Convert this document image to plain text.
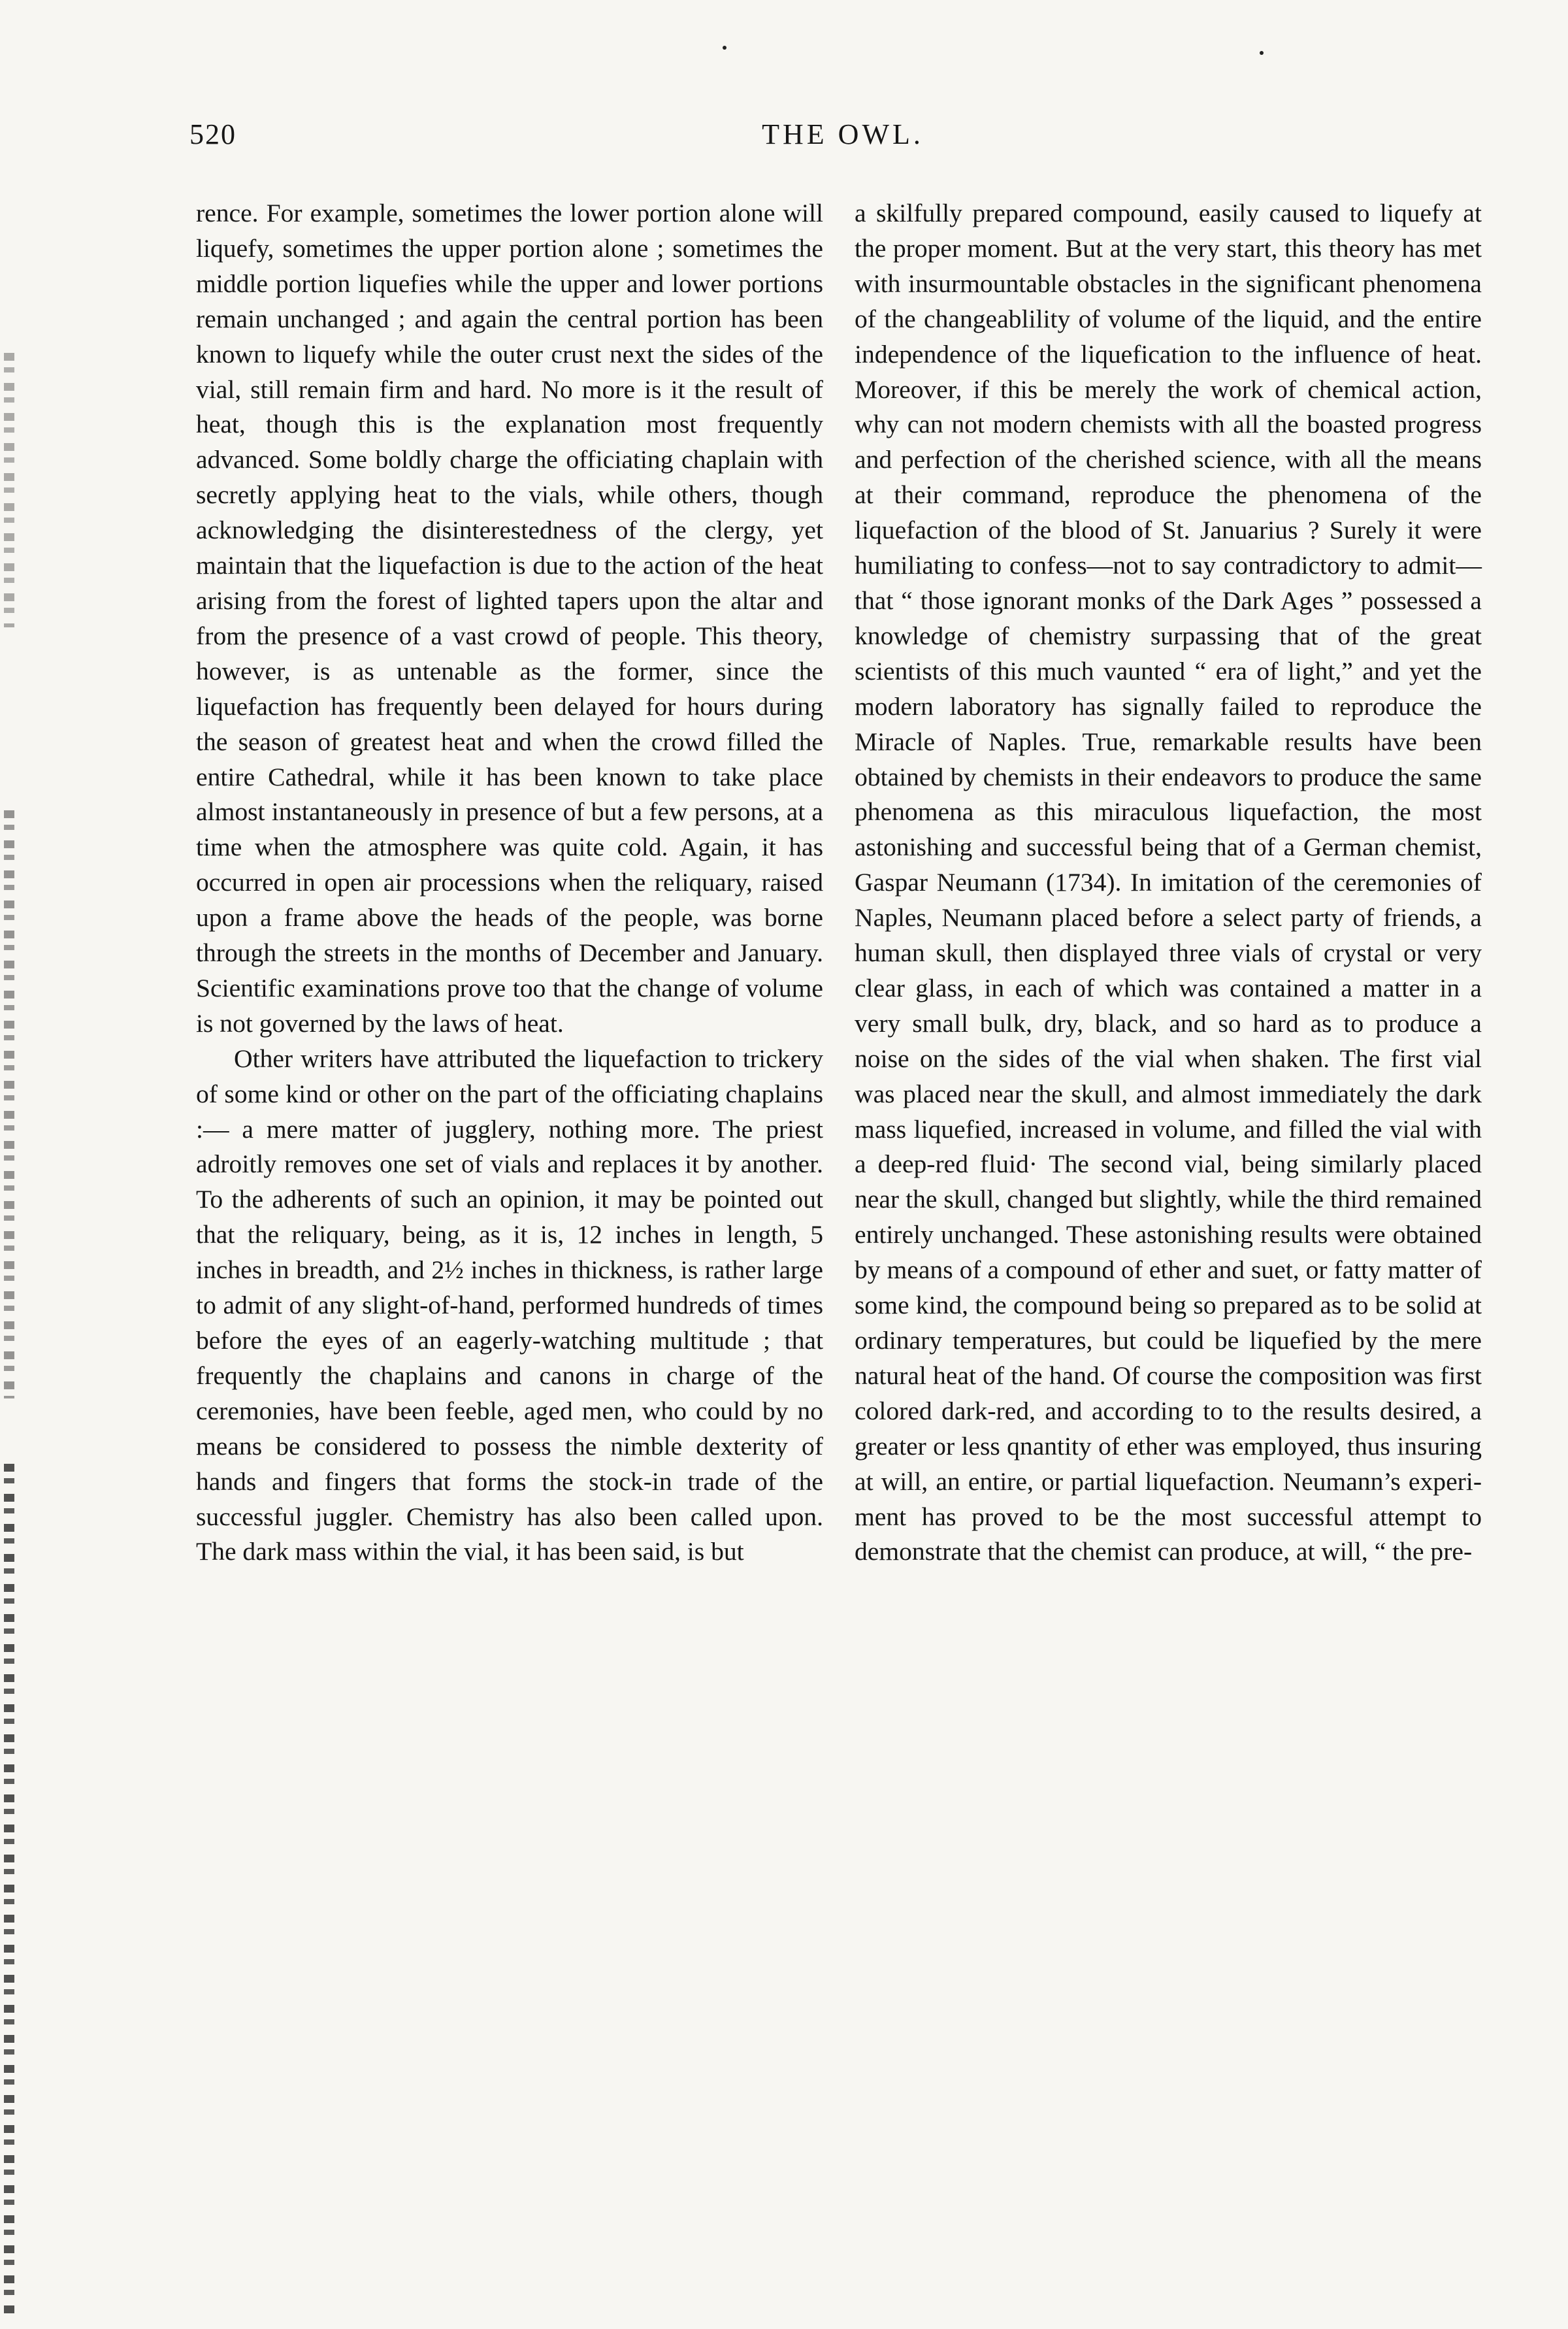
520	THE OWL.

rence. For example, sometimes the lower portion alone will liquefy, sometimes the upper portion alone ; sometimes the middle portion liquefies while the upper and lower portions remain unchanged ; and again the central portion has been known to liquefy while the outer crust next the sides of the vial, still remain firm and hard. No more is it the result of heat, though this is the explanation most frequently advanced. Some boldly charge the officiating chaplain with secretly applying heat to the vials, while others, though acknowledging the disinterestedness of the clergy, yet maintain that the liquefaction is due to the action of the heat arising from the forest of lighted tapers upon the altar and from the presence of a vast crowd of people. This theory, however, is as untenable as the former, since the liquefaction has frequently been delayed for hours during the season of greatest heat and when the crowd filled the entire Cathedral, while it has been known to take place almost instantaneously in presence of but a few persons, at a time when the atmosphere was quite cold. Again, it has occurred in open air processions when the reliquary, raised upon a frame above the heads of the people, was borne through the streets in the months of December and January. Scientific examinations prove too that the change of volume is not governed by the laws of heat.

Other writers have attributed the liquefaction to trickery of some kind or other on the part of the officiating chaplains :— a mere matter of jugglery, nothing more. The priest adroitly removes one set of vials and replaces it by another. To the adherents of such an opinion, it may be pointed out that the reliquary, being, as it is, 12 inches in length, 5 inches in breadth, and 2½ inches in thickness, is rather large to admit of any slight-of-hand, performed hundreds of times before the eyes of an eagerly-watching multitude ; that frequently the chaplains and canons in charge of the ceremonies, have been feeble, aged men, who could by no means be considered to possess the nimble dexterity of hands and fingers that forms the stock-in trade of the successful juggler. Chemistry has also been called upon. The dark mass within the vial, it has been said, is but

a skilfully prepared compound, easily caused to liquefy at the proper moment. But at the very start, this theory has met with insurmountable obstacles in the significant phenomena of the changeablility of volume of the liquid, and the entire independence of the liquefication to the influence of heat. Moreover, if this be merely the work of chemical action, why can not modern chemists with all the boasted progress and perfection of the cherished science, with all the means at their command, reproduce the phenomena of the liquefaction of the blood of St. Januarius ? Surely it were humiliating to confess—not to say contradictory to admit—that “ those ignorant monks of the Dark Ages ” possessed a knowledge of chemistry surpassing that of the great scientists of this much vaunted “ era of light,” and yet the modern laboratory has signally failed to reproduce the Miracle of Naples. True, remarkable results have been obtained by chemists in their endeavors to produce the same phenomena as this miraculous liquefaction, the most astonishing and successful being that of a German chemist, Gaspar Neumann (1734). In imitation of the ceremonies of Naples, Neumann placed before a select party of friends, a human skull, then displayed three vials of crystal or very clear glass, in each of which was contained a matter in a very small bulk, dry, black, and so hard as to produce a noise on the sides of the vial when shaken. The first vial was placed near the skull, and almost immediately the dark mass liquefied, increased in volume, and filled the vial with a deep-red fluid· The second vial, being similarly placed near the skull, changed but slightly, while the third remained entirely unchanged. These astonishing results were obtained by means of a compound of ether and suet, or fatty matter of some kind, the compound being so prepared as to be solid at ordinary temperatures, but could be liquefied by the mere natural heat of the hand. Of course the composition was first colored dark-red, and according to to the results desired, a greater or less qnantity of ether was employed, thus insuring at will, an entire, or partial liquefaction. Neumann’s experiment has proved to be the most successful attempt to demonstrate that the chemist can produce, at will, “ the pre-
